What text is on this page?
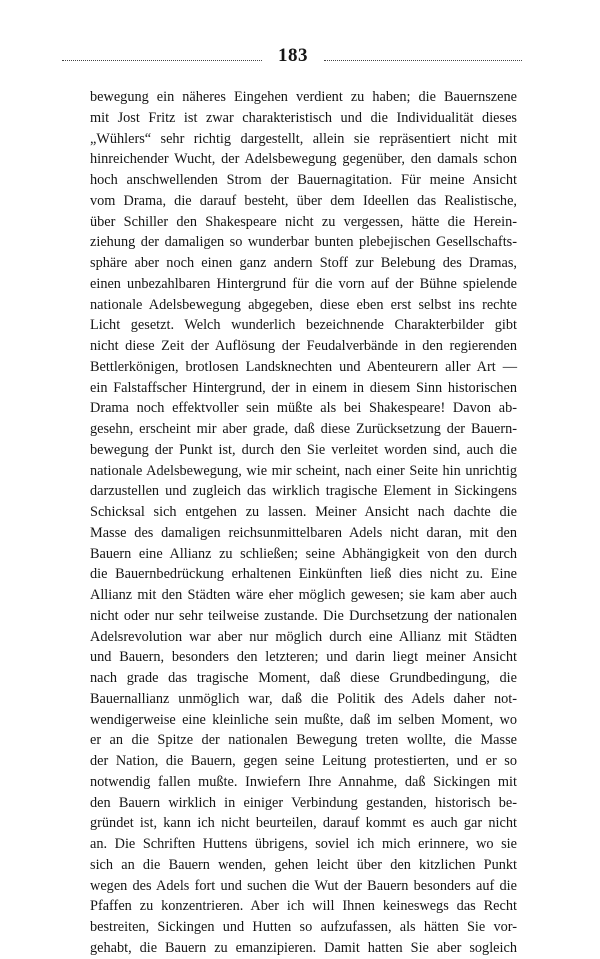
183
bewegung ein näheres Eingehen verdient zu haben; die Bauernszene
mit Jost Fritz ist zwar charakteristisch und die Individualität dieses
„Wühlers“ sehr richtig dargestellt, allein sie repräsentiert nicht mit
hinreichender Wucht, der Adelsbewegung gegenüber, den damals schon
hoch anschwellenden Strom der Bauernagitation. Für meine Ansicht
vom Drama, die darauf besteht, über dem Ideellen das Realistische,
über Schiller den Shakespeare nicht zu vergessen, hätte die Herein-
ziehung der damaligen so wunderbar bunten plebejischen Gesellschafts-
sphäre aber noch einen ganz andern Stoff zur Belebung des Dramas,
einen unbezahlbaren Hintergrund für die vorn auf der Bühne spielende
nationale Adelsbewegung abgegeben, diese eben erst selbst ins rechte
Licht gesetzt. Welch wunderlich bezeichnende Charakterbilder gibt
nicht diese Zeit der Auflösung der Feudalverbände in den regierenden
Bettlerkönigen, brotlosen Landsknechten und Abenteurern aller Art —
ein Falstaffscher Hintergrund, der in einem in diesem Sinn historischen
Drama noch effektvoller sein müßte als bei Shakespeare! Davon ab-
gesehn, erscheint mir aber grade, daß diese Zurücksetzung der Bauern-
bewegung der Punkt ist, durch den Sie verleitet worden sind, auch die
nationale Adelsbewegung, wie mir scheint, nach einer Seite hin unrichtig
darzustellen und zugleich das wirklich tragische Element in Sickingens
Schicksal sich entgehen zu lassen. Meiner Ansicht nach dachte die
Masse des damaligen reichsunmittelbaren Adels nicht daran, mit den
Bauern eine Allianz zu schließen; seine Abhängigkeit von den durch
die Bauernbedrückung erhaltenen Einkünften ließ dies nicht zu. Eine
Allianz mit den Städten wäre eher möglich gewesen; sie kam aber auch
nicht oder nur sehr teilweise zustande. Die Durchsetzung der nationalen
Adelsrevolution war aber nur möglich durch eine Allianz mit Städten
und Bauern, besonders den letzteren; und darin liegt meiner Ansicht
nach grade das tragische Moment, daß diese Grundbedingung, die
Bauernallianz unmöglich war, daß die Politik des Adels daher not-
wendigerweise eine kleinliche sein mußte, daß im selben Moment, wo
er an die Spitze der nationalen Bewegung treten wollte, die Masse
der Nation, die Bauern, gegen seine Leitung protestierten, und er so
notwendig fallen mußte. Inwiefern Ihre Annahme, daß Sickingen mit
den Bauern wirklich in einiger Verbindung gestanden, historisch be-
gründet ist, kann ich nicht beurteilen, darauf kommt es auch gar nicht
an. Die Schriften Huttens übrigens, soviel ich mich erinnere, wo sie
sich an die Bauern wenden, gehen leicht über den kitzlichen Punkt
wegen des Adels fort und suchen die Wut der Bauern besonders auf die
Pfaffen zu konzentrieren. Aber ich will Ihnen keineswegs das Recht
bestreiten, Sickingen und Hutten so aufzufassen, als hätten Sie vor-
gehabt, die Bauern zu emanzipieren. Damit hatten Sie aber sogleich
